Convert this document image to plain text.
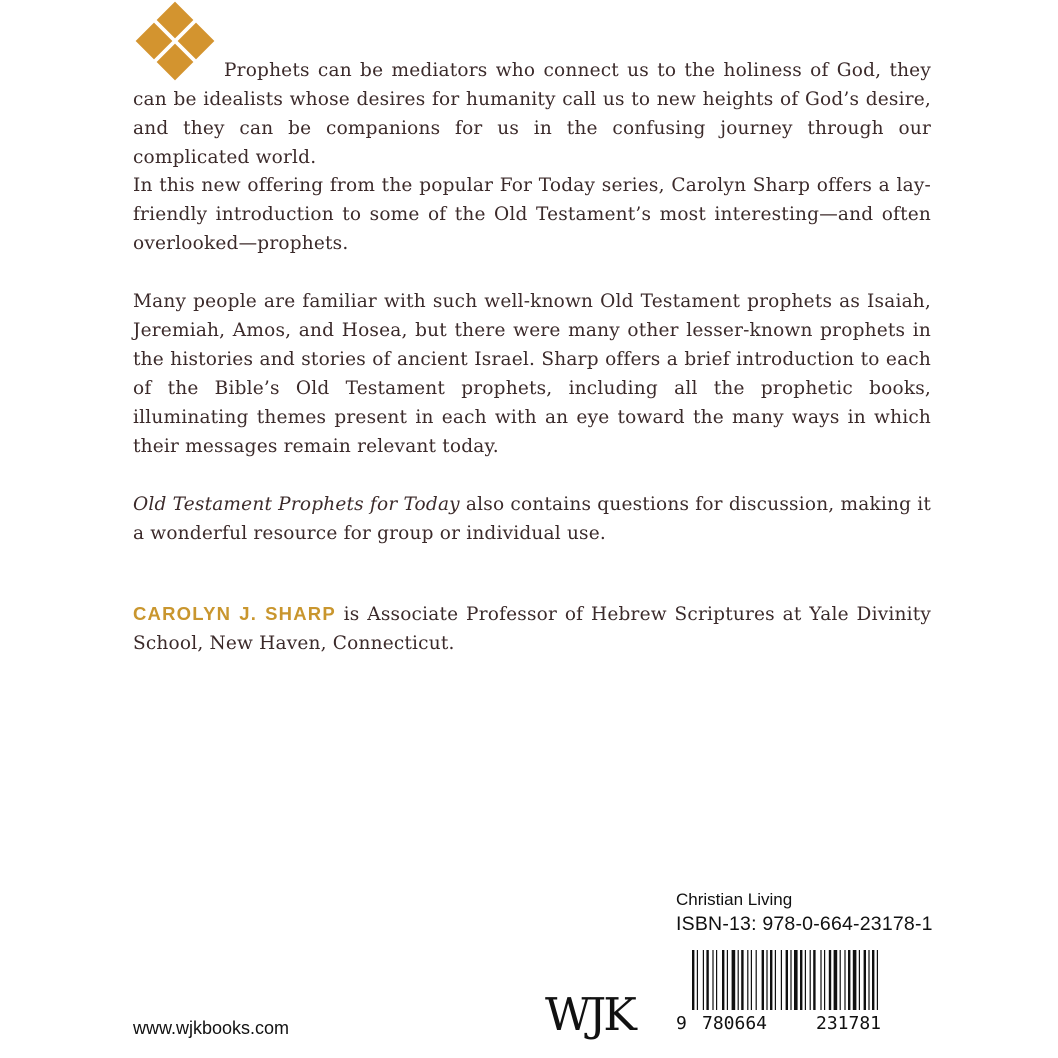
Prophets can be mediators who connect us to the holiness of God, they can be idealists whose desires for humanity call us to new heights of God’s desire, and they can be companions for us in the confusing journey through our complicated world.

In this new offering from the popular For Today series, Carolyn Sharp offers a lay-friendly introduction to some of the Old Testament’s most interesting—and often overlooked—prophets.

Many people are familiar with such well-known Old Testament prophets as Isaiah, Jeremiah, Amos, and Hosea, but there were many other lesser-known prophets in the histories and stories of ancient Israel. Sharp offers a brief introduction to each of the Bible’s Old Testament prophets, including all the prophetic books, illuminating themes present in each with an eye toward the many ways in which their messages remain relevant today.

Old Testament Prophets for Today also contains questions for discussion, making it a wonderful resource for group or individual use.

CAROLYN J. SHARP is Associate Professor of Hebrew Scriptures at Yale Divinity School, New Haven, Connecticut.

Christian Living
ISBN-13: 978-0-664-23178-1
9 780664	231781
WJK
www.wjkbooks.com
